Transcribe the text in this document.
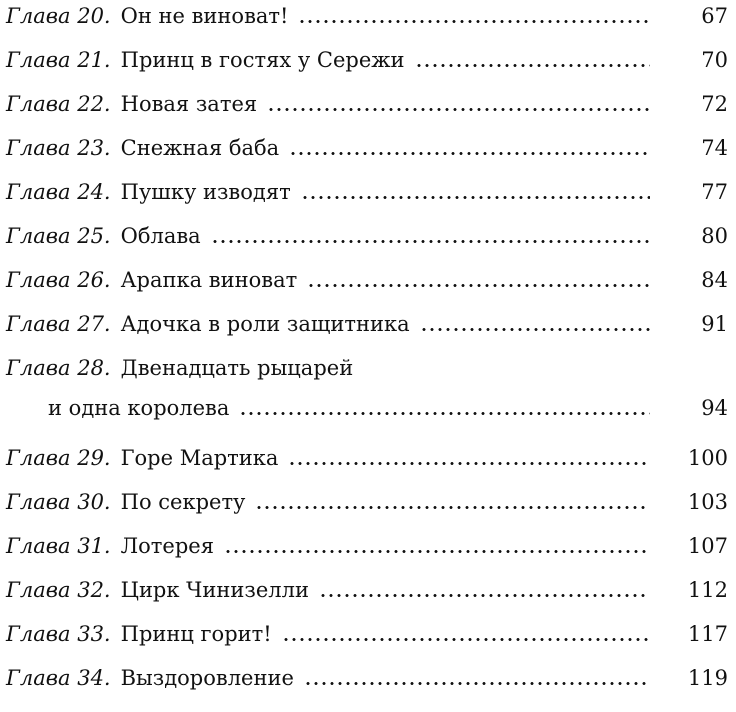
Глава 20. Он не виноват!	67
Глава 21. Принц в гостях у Сережи	70
Глава 22. Новая затея	72
Глава 23. Снежная баба	74
Глава 24. Пушку изводят	77
Глава 25. Облава	80
Глава 26. Арапка виноват	84
Глава 27. Адочка в роли защитника	91
Глава 28. Двенадцать рыцарей
и одна королева	94
Глава 29. Горе Мартика	100
Глава 30. По секрету	103
Глава 31. Лотерея	107
Глава 32. Цирк Чинизелли	112
Глава 33. Принц горит!	117
Глава 34. Выздоровление	119
